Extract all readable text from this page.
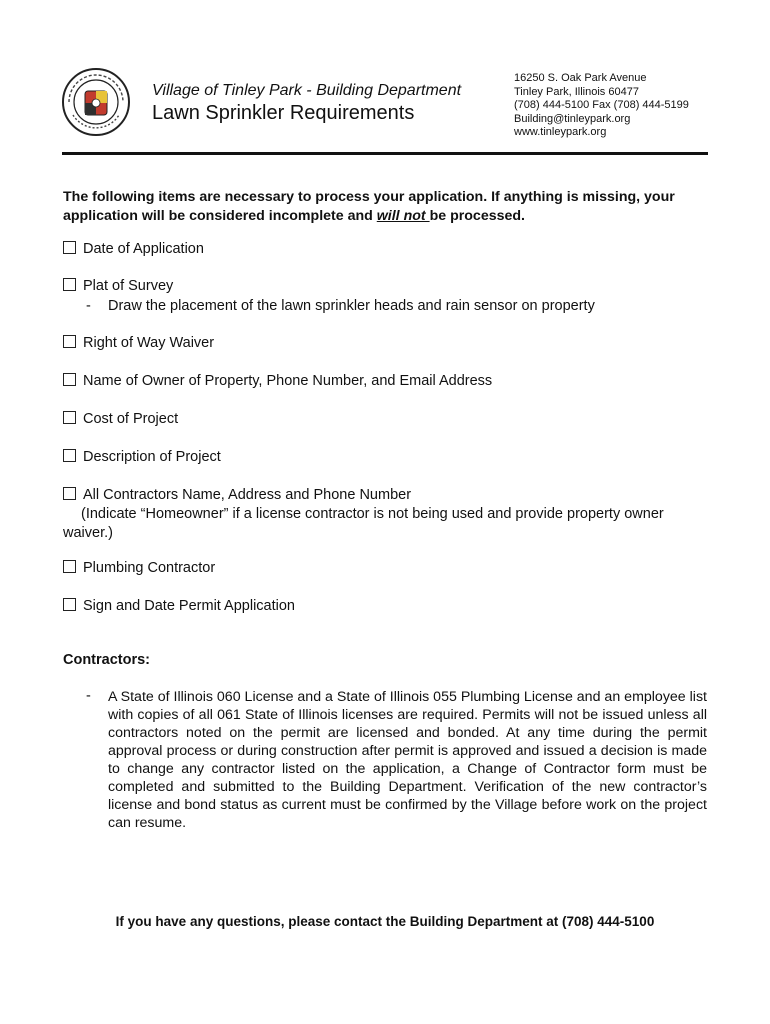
Village of Tinley Park - Building Department
Lawn Sprinkler Requirements
16250 S. Oak Park Avenue
Tinley Park, Illinois 60477
(708) 444-5100 Fax (708) 444-5199
Building@tinleypark.org
www.tinleypark.org
The following items are necessary to process your application. If anything is missing, your application will be considered incomplete and will not be processed.
Date of Application
Plat of Survey
- Draw the placement of the lawn sprinkler heads and rain sensor on property
Right of Way Waiver
Name of Owner of Property, Phone Number, and Email Address
Cost of Project
Description of Project
All Contractors Name, Address and Phone Number
(Indicate “Homeowner” if a license contractor is not being used and provide property owner waiver.)
Plumbing Contractor
Sign and Date Permit Application
Contractors:
- A State of Illinois 060 License and a State of Illinois 055 Plumbing License and an employee list with copies of all 061 State of Illinois licenses are required. Permits will not be issued unless all contractors noted on the permit are licensed and bonded. At any time during the permit approval process or during construction after permit is approved and issued a decision is made to change any contractor listed on the application, a Change of Contractor form must be completed and submitted to the Building Department. Verification of the new contractor’s license and bond status as current must be confirmed by the Village before work on the project can resume.
If you have any questions, please contact the Building Department at (708) 444-5100
